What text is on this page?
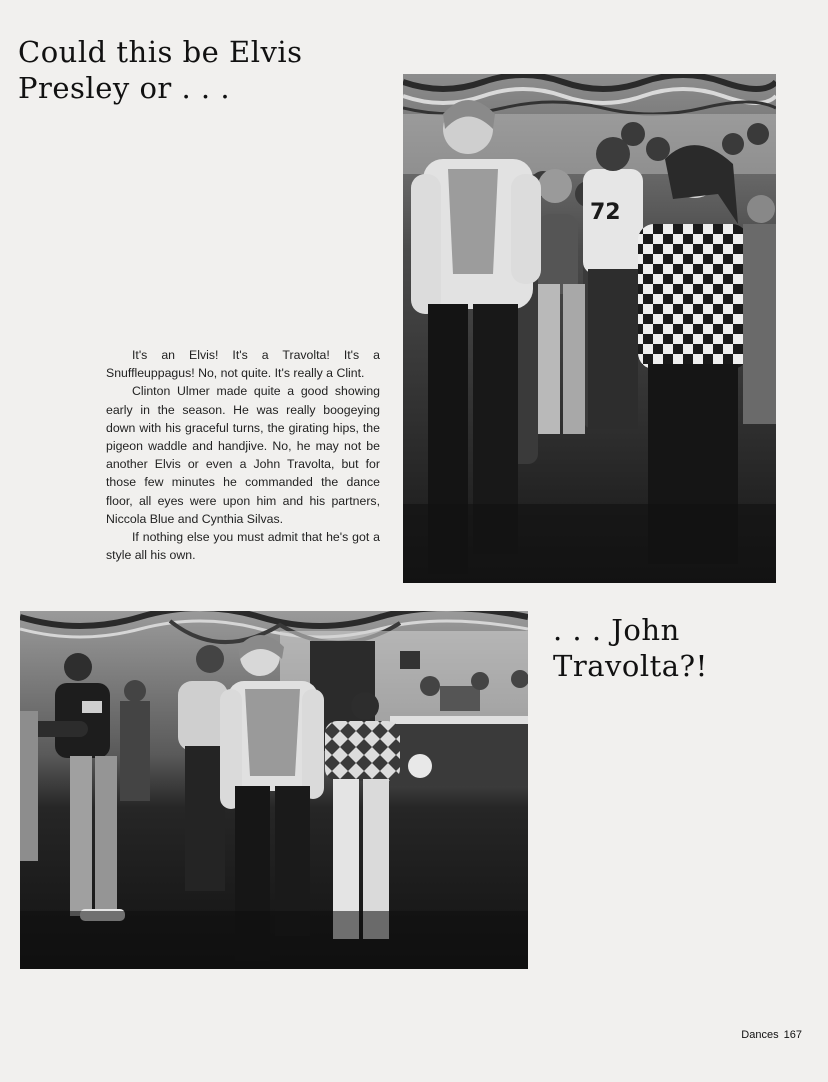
Could this be Elvis Presley or . . .
72

It's an Elvis! It's a Travolta! It's a Snuffleuppagus! No, not quite. It's really a Clint.

Clinton Ulmer made quite a good showing early in the season. He was really boogeying down with his graceful turns, the girating hips, the pigeon waddle and handjive. No, he may not be another Elvis or even a John Travolta, but for those few minutes he commanded the dance floor, all eyes were upon him and his partners, Niccola Blue and Cynthia Silvas.

If nothing else you must admit that he's got a style all his own.

. . . John Travolta?!
Dances 167
